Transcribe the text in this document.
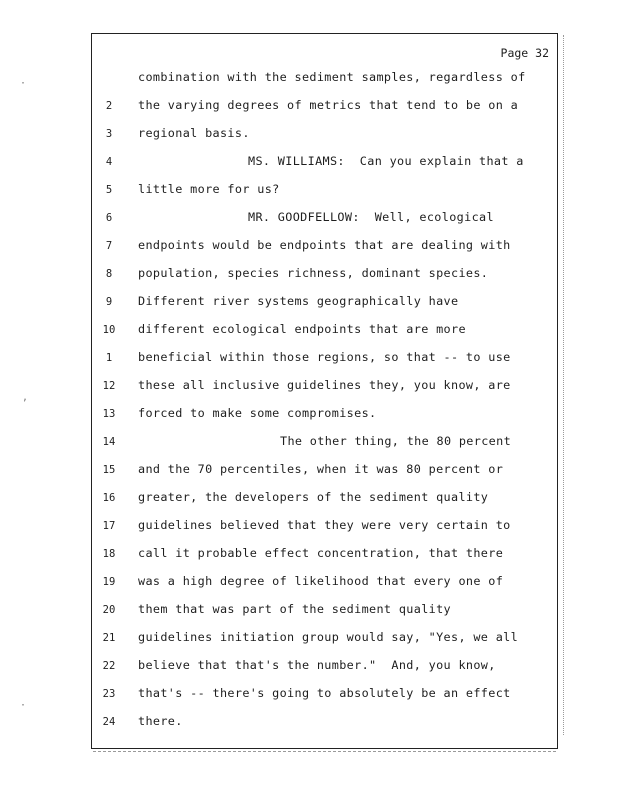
·
,
·
Page 32
combination with the sediment samples, regardless of
2	the varying degrees of metrics that tend to be on a
3	regional basis.
4	MS. WILLIAMS:  Can you explain that a
5	little more for us?
6	MR. GOODFELLOW:  Well, ecological
7	endpoints would be endpoints that are dealing with
8	population, species richness, dominant species.
9	Different river systems geographically have
10	different ecological endpoints that are more
1	beneficial within those regions, so that -- to use
12	these all inclusive guidelines they, you know, are
13	forced to make some compromises.
14	The other thing, the 80 percent
15	and the 70 percentiles, when it was 80 percent or
16	greater, the developers of the sediment quality
17	guidelines believed that they were very certain to
18	call it probable effect concentration, that there
19	was a high degree of likelihood that every one of
20	them that was part of the sediment quality
21	guidelines initiation group would say, "Yes, we all
22	believe that that's the number."  And, you know,
23	that's -- there's going to absolutely be an effect
24	there.
